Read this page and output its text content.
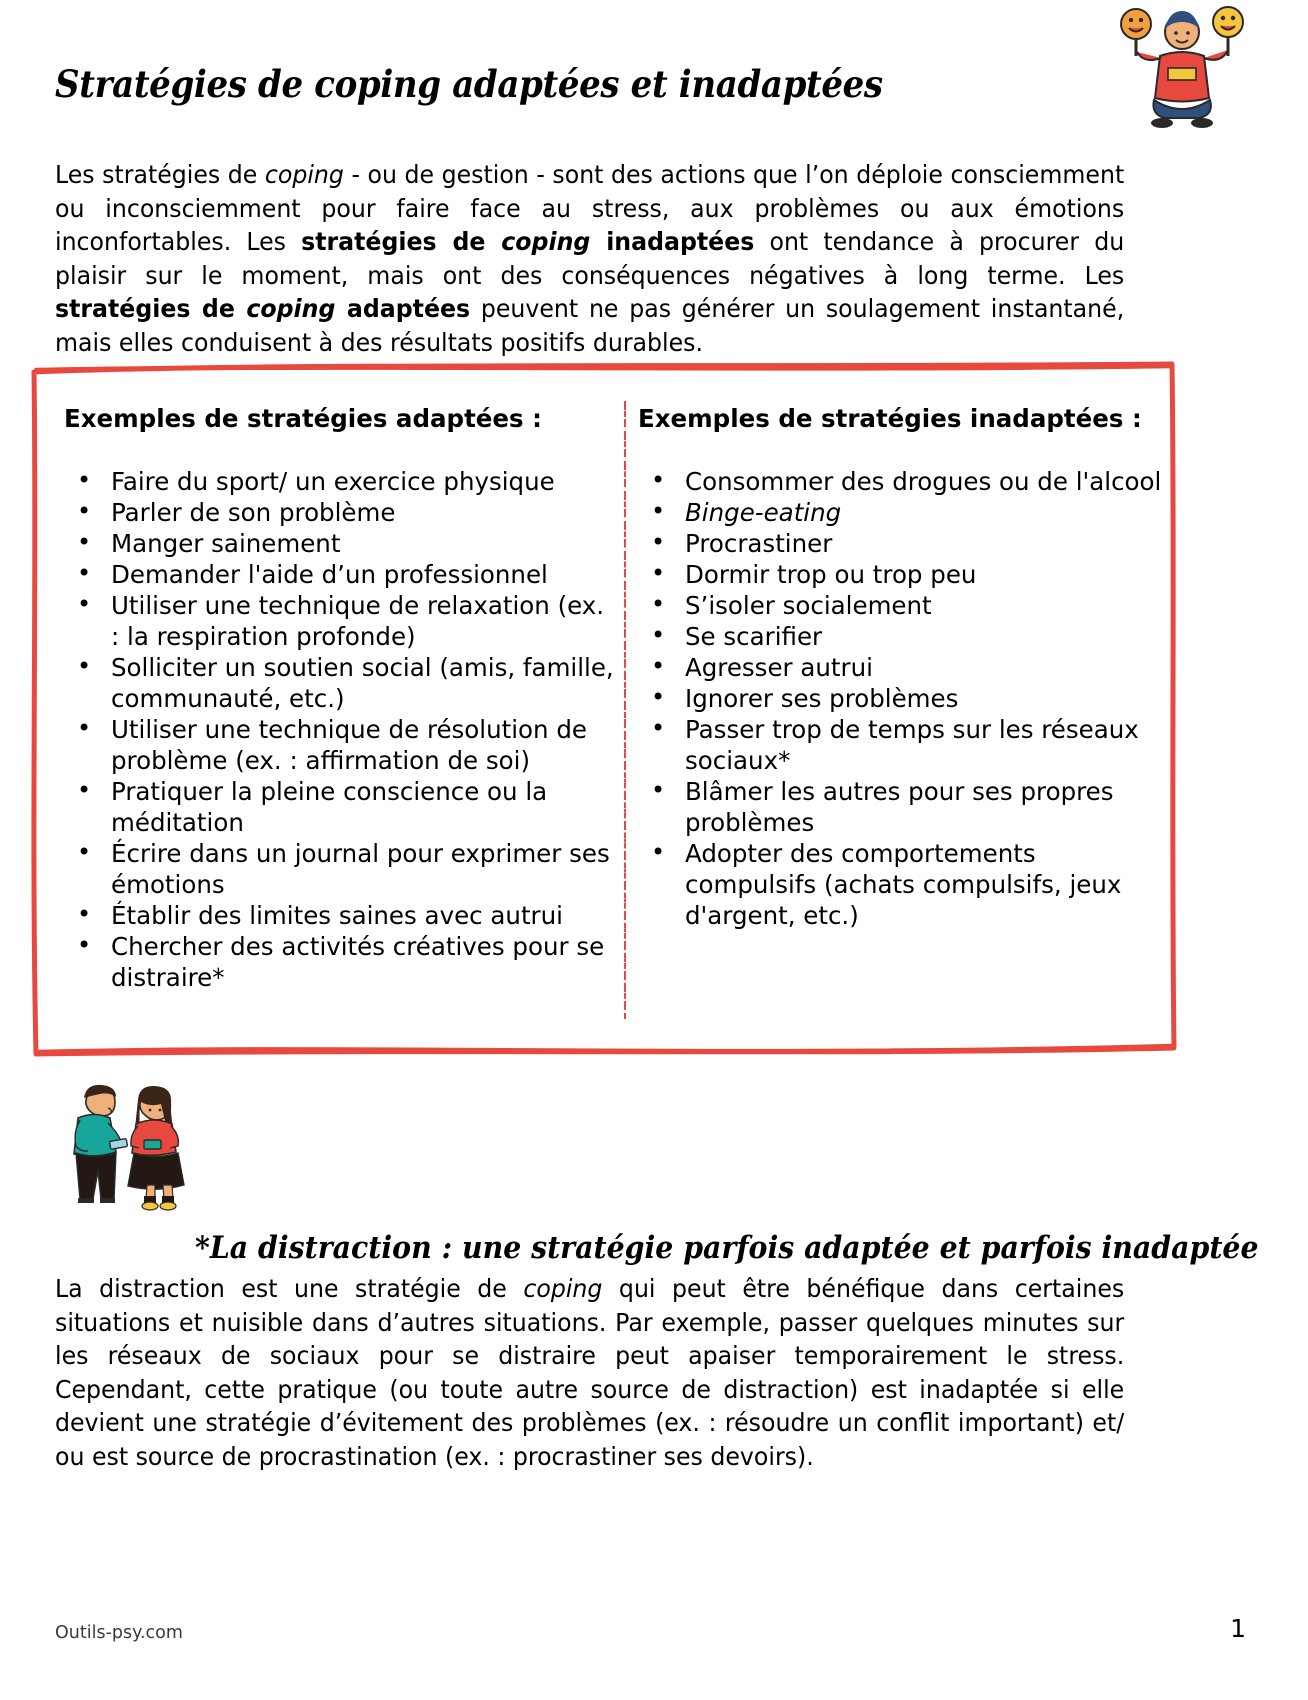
Stratégies de coping adaptées et inadaptées
Les stratégies de coping - ou de gestion - sont des actions que l’on déploie consciemment ou inconsciemment pour faire face au stress, aux problèmes ou aux émotions inconfortables. Les stratégies de coping inadaptées ont tendance à procurer du plaisir sur le moment, mais ont des conséquences négatives à long terme. Les stratégies de coping adaptées peuvent ne pas générer un soulagement instantané, mais elles conduisent à des résultats positifs durables.
Exemples de stratégies adaptées :
• Faire du sport/ un exercice physique
• Parler de son problème
• Manger sainement
• Demander l'aide d’un professionnel
• Utiliser une technique de relaxation (ex. : la respiration profonde)
• Solliciter un soutien social (amis, famille, communauté, etc.)
• Utiliser une technique de résolution de problème (ex. : affirmation de soi)
• Pratiquer la pleine conscience ou la méditation
• Écrire dans un journal pour exprimer ses émotions
• Établir des limites saines avec autrui
• Chercher des activités créatives pour se distraire*
Exemples de stratégies inadaptées :
• Consommer des drogues ou de l'alcool
• Binge-eating
• Procrastiner
• Dormir trop ou trop peu
• S’isoler socialement
• Se scarifier
• Agresser autrui
• Ignorer ses problèmes
• Passer trop de temps sur les réseaux sociaux*
• Blâmer les autres pour ses propres problèmes
• Adopter des comportements compulsifs (achats compulsifs, jeux d'argent, etc.)
*La distraction : une stratégie parfois adaptée et parfois inadaptée
La distraction est une stratégie de coping qui peut être bénéfique dans certaines situations et nuisible dans d’autres situations. Par exemple, passer quelques minutes sur les réseaux de sociaux pour se distraire peut apaiser temporairement le stress. Cependant, cette pratique (ou toute autre source de distraction) est inadaptée si elle devient une stratégie d’évitement des problèmes (ex. : résoudre un conflit important) et/ ou est source de procrastination (ex. : procrastiner ses devoirs).
Outils-psy.com	1
